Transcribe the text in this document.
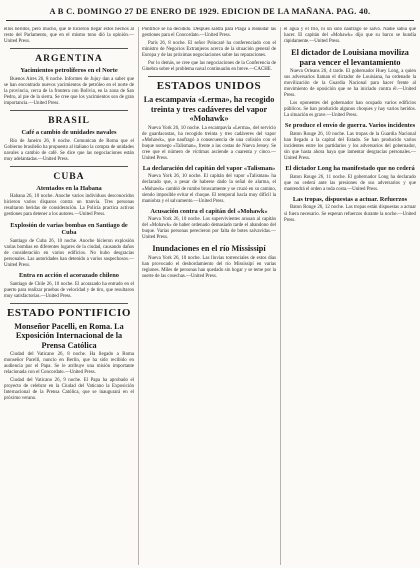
A B C. DOMINGO 27 DE ENERO DE 1929. EDICION DE LA MAÑANA. PAG. 40.

ellos heridos, pero mucho, que le hicieron llegar estos hechos al resto del Parlamento, que en el mismo tono dió la opinión.—United Press.

ARGENTINA
Yacimientos petrolíferos en el Norte

Buenos Aires 26, 8 noche. Informes de Jujuy dan a saber que se han encontrado nuevos yacimientos de petróleo en el norte de la provincia, cerca de la frontera con Bolivia, en la zona de San Pedro, al pie de la sierra. Se cree que los yacimientos son de gran importancia.—United Press.

BRASIL
Café a cambio de unidades navales

Río de Janeiro 26, 8 noche. Comunican de Roma que el Gobierno brasileño ha propuesto al italiano la compra de unidades navales a cambio de café. Se dice que las negociaciones están muy adelantadas.—United Press.

CUBA
Atentados en la Habana

Habana 26, 10 noche. Anoche varios individuos desconocidos hicieron varios disparos contra un tranvía. Tres personas resultaron heridas de consideración. La Policía practica activas gestiones para detener a los autores.—United Press.

Explosión de varias bombas en Santiago de Cuba

Santiago de Cuba 26, 10 noche. Anoche hicieron explosión varias bombas en diferentes lugares de la ciudad, causando daños de consideración en varios edificios. No hubo desgracias personales. Las autoridades han detenido a varios sospechosos.—United Press.

Entra en acción el acorazado chileno

Santiago de Chile 26, 10 noche. El acorazado ha entrado en el puerto para realizar pruebas de velocidad y de tiro, que resultaron muy satisfactorias.—United Press.

ESTADO PONTIFICIO
Monseñor Pacelli, en Roma. La Exposición Internacional de la Prensa Católica

Ciudad del Vaticano 26, 8 noche. Ha llegado a Roma monseñor Pacelli, nuncio en Berlín, que ha sido recibido en audiencia por el Papa. Se le atribuye una misión importante relacionada con el Concordato.—United Press.

Ciudad del Vaticano 26, 9 noche. El Papa ha aprobado el proyecto de celebrar en la Ciudad del Vaticano la Exposición Internacional de la Prensa Católica, que se inaugurará en el próximo verano.

Pontifice se ha decidido. Después saldrá para Praga a reanudar las gestiones para el Concordato.—United Press.

París 26, 8 noche. El señor Poincaré ha conferenciado con el ministro de Negocios Extranjeros acerca de la situación general de Europa y de las próximas negociaciones sobre las reparaciones.

Por lo demás, se cree que las negociaciones de la Conferencia de Ginebra sobre el problema naval continuarán en breve.—CACHE.

ESTADOS UNIDOS
La escampavía «Lerma», ha recogido treinta y tres cadáveres del vapor «Mohawk»

Nueva York 26, 10 noche. La escampavía «Lerma», del servicio de guardacostas, ha recogido treinta y tres cadáveres del vapor «Mohawk», que naufragó a consecuencia de una colisión con el buque noruego «Talisman», frente a las costas de Nueva Jersey. Se cree que el número de víctimas asciende a cuarenta y cinco.—United Press.

La declaración del capitán del vapor «Talisman»

Nueva York 26, 10 noche. El capitán del vapor «Talisman» ha declarado que, a pesar de haberse dado la señal de alarma, el «Mohawk» cambió de rumbo bruscamente y se cruzó en su camino, siendo imposible evitar el choque. El temporal hacía muy difícil la maniobra y el salvamento.—United Press.

Acusación contra el capitán del «Mohawk»

Nueva York 26, 10 noche. Los supervivientes acusan al capitán del «Mohawk» de haber ordenado demasiado tarde el abandono del buque. Varias personas perecieron por falta de botes salvavidas.—United Press.

Inundaciones en el río Mississipí

Nueva York 26, 10 noche. Las lluvias torrenciales de estos días han provocado el desbordamiento del río Mississipí en varias regiones. Miles de personas han quedado sin hogar y se teme por la suerte de las cosechas.—United Press.

el agua y el frío, ni un solo náufrago se salvó. Nadie sabía qué hacer. El capitán del «Mohawk» dijo que su barco se hundía rápidamente.—United Press.

El dictador de Louisiana moviliza para vencer el levantamiento

Nueva Orleans 26, 4 tarde. El gobernador Huey Long, a quien sus adversarios llaman el dictador de Louisiana, ha ordenado la movilización de la Guardia Nacional para hacer frente al movimiento de oposición que se ha iniciado contra él.—United Press.

Los oponentes del gobernador han ocupado varios edificios públicos. Se han producido algunos choques y hay varios heridos. La situación es grave.—United Press.

Se produce el envío de guerra. Varios incidentes

Baton Rouge 26, 10 noche. Las tropas de la Guardia Nacional han llegado a la capital del Estado. Se han producido varios incidentes entre los partidarios y los adversarios del gobernador, sin que hasta ahora haya que lamentar desgracias personales.—United Press.

El dictador Long ha manifestado que no cederá

Baton Rouge 26, 11 noche. El gobernador Long ha declarado que no cederá ante las presiones de sus adversarios y que mantendrá el orden a toda costa.—United Press.

Las tropas, dispuestas a actuar. Refuerzos

Baton Rouge 26, 12 noche. Las tropas están dispuestas a actuar si fuera necesario. Se esperan refuerzos durante la noche.—United Press.
